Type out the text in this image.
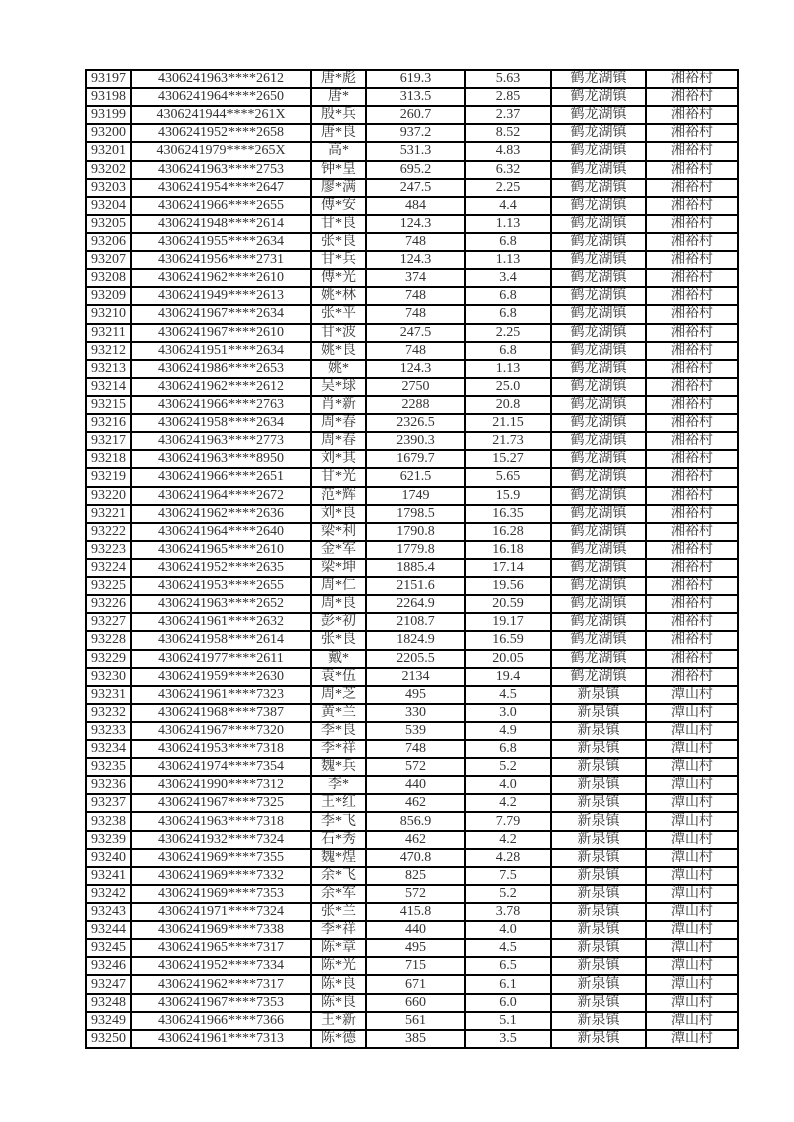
93197	4306241963****2612	唐*彪	619.3	5.63	鹤龙湖镇	湘裕村
93198	4306241964****2650	唐*	313.5	2.85	鹤龙湖镇	湘裕村
93199	4306241944****261X	殷*兵	260.7	2.37	鹤龙湖镇	湘裕村
93200	4306241952****2658	唐*良	937.2	8.52	鹤龙湖镇	湘裕村
93201	4306241979****265X	高*	531.3	4.83	鹤龙湖镇	湘裕村
93202	4306241963****2753	钟*皇	695.2	6.32	鹤龙湖镇	湘裕村
93203	4306241954****2647	廖*满	247.5	2.25	鹤龙湖镇	湘裕村
93204	4306241966****2655	傅*安	484	4.4	鹤龙湖镇	湘裕村
93205	4306241948****2614	甘*良	124.3	1.13	鹤龙湖镇	湘裕村
93206	4306241955****2634	张*良	748	6.8	鹤龙湖镇	湘裕村
93207	4306241956****2731	甘*兵	124.3	1.13	鹤龙湖镇	湘裕村
93208	4306241962****2610	傅*光	374	3.4	鹤龙湖镇	湘裕村
93209	4306241949****2613	姚*林	748	6.8	鹤龙湖镇	湘裕村
93210	4306241967****2634	张*平	748	6.8	鹤龙湖镇	湘裕村
93211	4306241967****2610	甘*波	247.5	2.25	鹤龙湖镇	湘裕村
93212	4306241951****2634	姚*良	748	6.8	鹤龙湖镇	湘裕村
93213	4306241986****2653	姚*	124.3	1.13	鹤龙湖镇	湘裕村
93214	4306241962****2612	吴*球	2750	25.0	鹤龙湖镇	湘裕村
93215	4306241966****2763	肖*新	2288	20.8	鹤龙湖镇	湘裕村
93216	4306241958****2634	周*春	2326.5	21.15	鹤龙湖镇	湘裕村
93217	4306241963****2773	周*春	2390.3	21.73	鹤龙湖镇	湘裕村
93218	4306241963****8950	刘*其	1679.7	15.27	鹤龙湖镇	湘裕村
93219	4306241966****2651	甘*光	621.5	5.65	鹤龙湖镇	湘裕村
93220	4306241964****2672	范*辉	1749	15.9	鹤龙湖镇	湘裕村
93221	4306241962****2636	刘*良	1798.5	16.35	鹤龙湖镇	湘裕村
93222	4306241964****2640	梁*利	1790.8	16.28	鹤龙湖镇	湘裕村
93223	4306241965****2610	金*军	1779.8	16.18	鹤龙湖镇	湘裕村
93224	4306241952****2635	梁*坤	1885.4	17.14	鹤龙湖镇	湘裕村
93225	4306241953****2655	周*仁	2151.6	19.56	鹤龙湖镇	湘裕村
93226	4306241963****2652	周*良	2264.9	20.59	鹤龙湖镇	湘裕村
93227	4306241961****2632	彭*初	2108.7	19.17	鹤龙湖镇	湘裕村
93228	4306241958****2614	张*良	1824.9	16.59	鹤龙湖镇	湘裕村
93229	4306241977****2611	戴*	2205.5	20.05	鹤龙湖镇	湘裕村
93230	4306241959****2630	袁*伍	2134	19.4	鹤龙湖镇	湘裕村
93231	4306241961****7323	周*芝	495	4.5	新泉镇	潭山村
93232	4306241968****7387	黄*兰	330	3.0	新泉镇	潭山村
93233	4306241967****7320	李*良	539	4.9	新泉镇	潭山村
93234	4306241953****7318	李*祥	748	6.8	新泉镇	潭山村
93235	4306241974****7354	魏*兵	572	5.2	新泉镇	潭山村
93236	4306241990****7312	李*	440	4.0	新泉镇	潭山村
93237	4306241967****7325	王*红	462	4.2	新泉镇	潭山村
93238	4306241963****7318	李*飞	856.9	7.79	新泉镇	潭山村
93239	4306241932****7324	石*秀	462	4.2	新泉镇	潭山村
93240	4306241969****7355	魏*煌	470.8	4.28	新泉镇	潭山村
93241	4306241969****7332	余*飞	825	7.5	新泉镇	潭山村
93242	4306241969****7353	余*军	572	5.2	新泉镇	潭山村
93243	4306241971****7324	张*兰	415.8	3.78	新泉镇	潭山村
93244	4306241969****7338	李*祥	440	4.0	新泉镇	潭山村
93245	4306241965****7317	陈*章	495	4.5	新泉镇	潭山村
93246	4306241952****7334	陈*光	715	6.5	新泉镇	潭山村
93247	4306241962****7317	陈*良	671	6.1	新泉镇	潭山村
93248	4306241967****7353	陈*良	660	6.0	新泉镇	潭山村
93249	4306241966****7366	王*新	561	5.1	新泉镇	潭山村
93250	4306241961****7313	陈*德	385	3.5	新泉镇	潭山村
